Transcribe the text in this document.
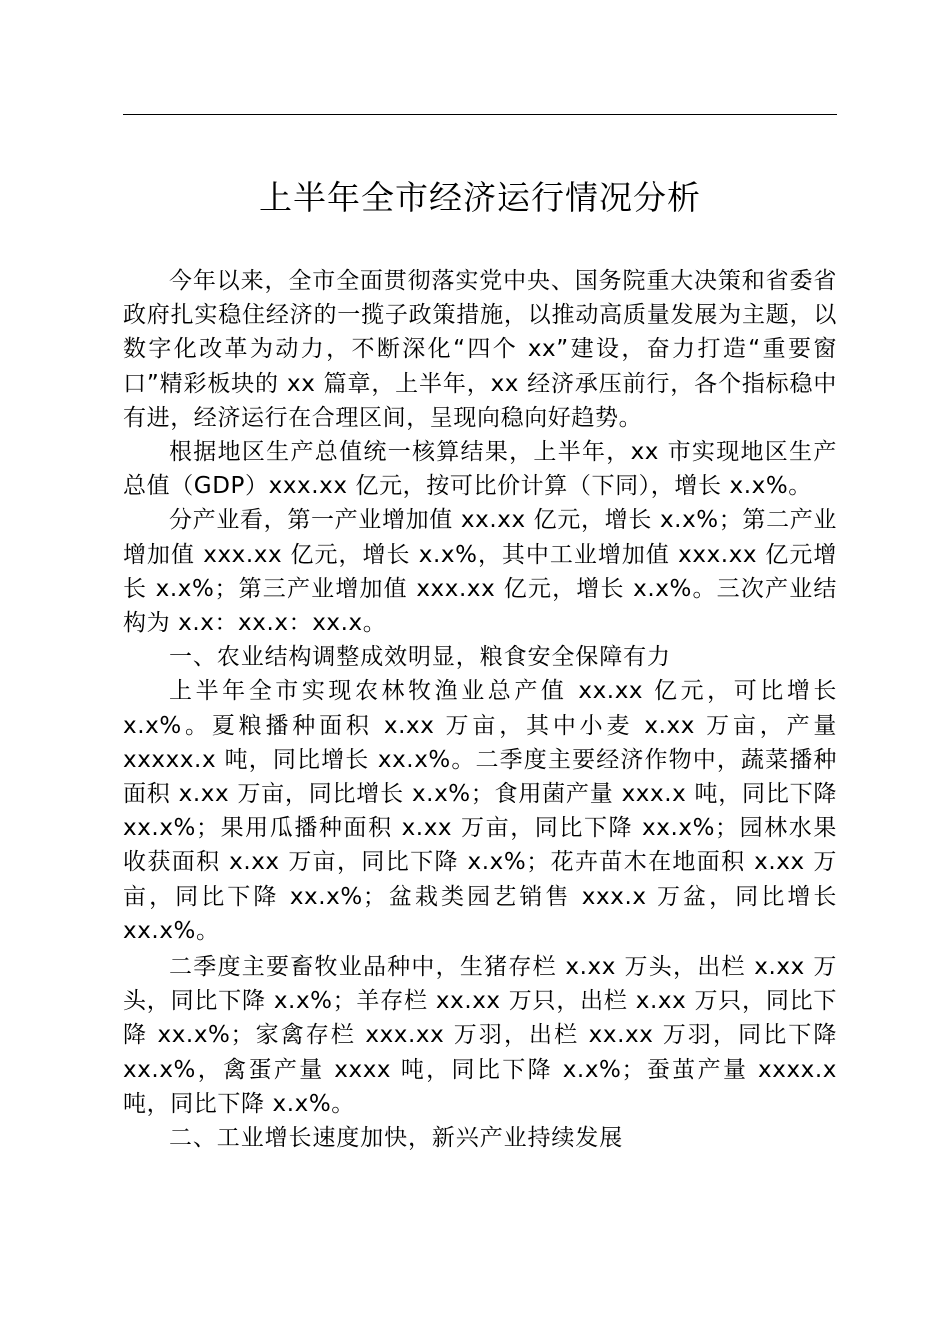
上半年全市经济运行情况分析

今年以来，全市全面贯彻落实党中央、国务院重大决策和省委省政府扎实稳住经济的一揽子政策措施，以推动高质量发展为主题，以数字化改革为动力，不断深化“四个 xx”建设，奋力打造“重要窗口”精彩板块的 xx 篇章，上半年，xx 经济承压前行，各个指标稳中有进，经济运行在合理区间，呈现向稳向好趋势。

根据地区生产总值统一核算结果，上半年，xx 市实现地区生产总值（GDP）xxx.xx 亿元，按可比价计算（下同），增长 x.x%。

分产业看，第一产业增加值 xx.xx 亿元，增长 x.x%；第二产业增加值 xxx.xx 亿元，增长 x.x%，其中工业增加值 xxx.xx 亿元增长 x.x%；第三产业增加值 xxx.xx 亿元，增长 x.x%。三次产业结构为 x.x：xx.x：xx.x。

一、农业结构调整成效明显，粮食安全保障有力

上半年全市实现农林牧渔业总产值 xx.xx 亿元，可比增长 x.x%。夏粮播种面积 x.xx 万亩，其中小麦 x.xx 万亩，产量 xxxxx.x 吨，同比增长 xx.x%。二季度主要经济作物中，蔬菜播种面积 x.xx 万亩，同比增长 x.x%；食用菌产量 xxx.x 吨，同比下降 xx.x%；果用瓜播种面积 x.xx 万亩，同比下降 xx.x%；园林水果收获面积 x.xx 万亩，同比下降 x.x%；花卉苗木在地面积 x.xx 万亩，同比下降 xx.x%；盆栽类园艺销售 xxx.x 万盆，同比增长 xx.x%。

二季度主要畜牧业品种中，生猪存栏 x.xx 万头，出栏 x.xx 万头，同比下降 x.x%；羊存栏 xx.xx 万只，出栏 x.xx 万只，同比下降 xx.x%；家禽存栏 xxx.xx 万羽，出栏 xx.xx 万羽，同比下降 xx.x%，禽蛋产量 xxxx 吨，同比下降 x.x%；蚕茧产量 xxxx.x 吨，同比下降 x.x%。

二、工业增长速度加快，新兴产业持续发展
